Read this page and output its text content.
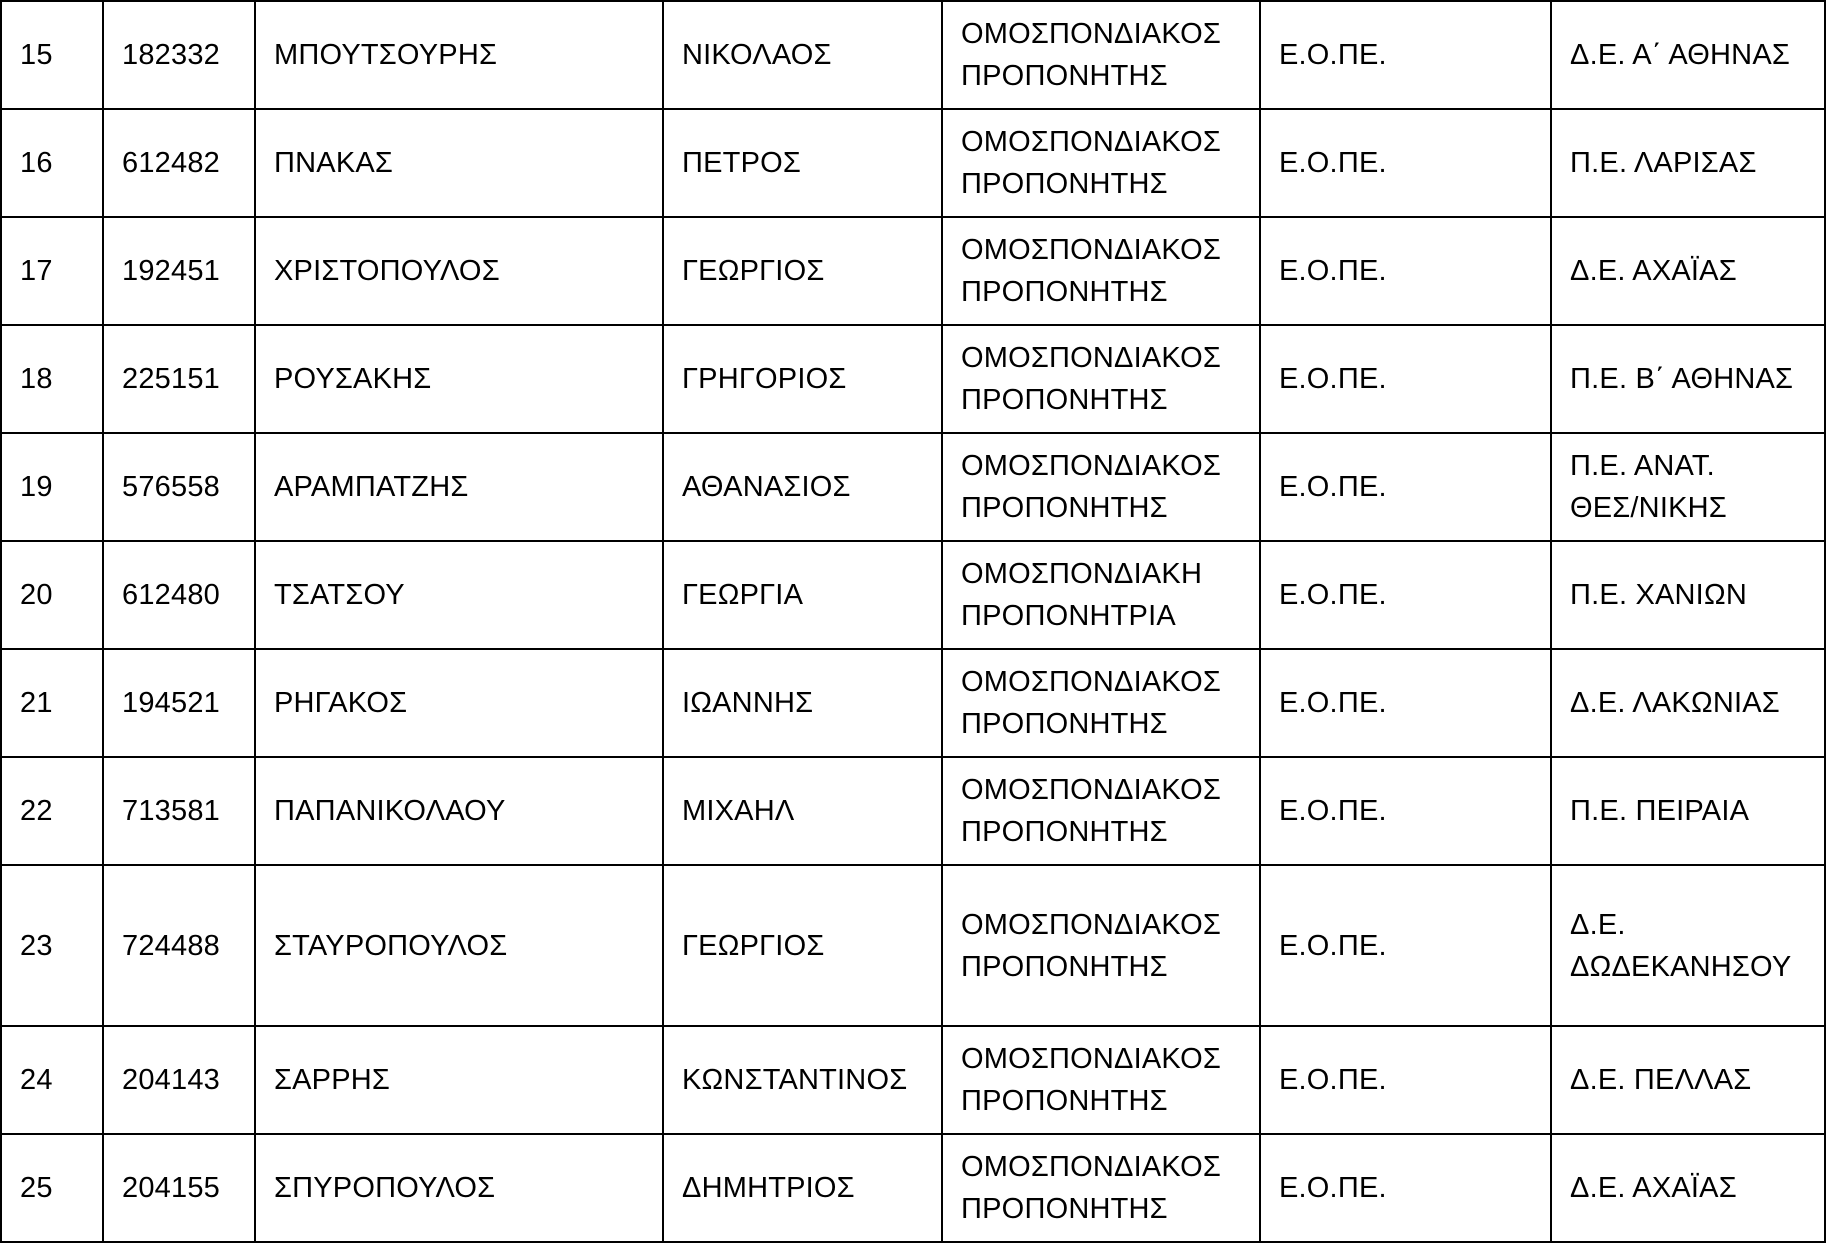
15	182332	ΜΠΟΥΤΣΟΥΡΗΣ	ΝΙΚΟΛΑΟΣ	ΟΜΟΣΠΟΝΔΙΑΚΟΣ
ΠΡΟΠΟΝΗΤΗΣ	Ε.Ο.ΠΕ.	Δ.Ε. Α΄ ΑΘΗΝΑΣ
16	612482	ΠΝΑΚΑΣ	ΠΕΤΡΟΣ	ΟΜΟΣΠΟΝΔΙΑΚΟΣ
ΠΡΟΠΟΝΗΤΗΣ	Ε.Ο.ΠΕ.	Π.Ε. ΛΑΡΙΣΑΣ
17	192451	ΧΡΙΣΤΟΠΟΥΛΟΣ	ΓΕΩΡΓΙΟΣ	ΟΜΟΣΠΟΝΔΙΑΚΟΣ
ΠΡΟΠΟΝΗΤΗΣ	Ε.Ο.ΠΕ.	Δ.Ε. ΑΧΑΪΑΣ
18	225151	ΡΟΥΣΑΚΗΣ	ΓΡΗΓΟΡΙΟΣ	ΟΜΟΣΠΟΝΔΙΑΚΟΣ
ΠΡΟΠΟΝΗΤΗΣ	Ε.Ο.ΠΕ.	Π.Ε. Β΄ ΑΘΗΝΑΣ
19	576558	ΑΡΑΜΠΑΤΖΗΣ	ΑΘΑΝΑΣΙΟΣ	ΟΜΟΣΠΟΝΔΙΑΚΟΣ
ΠΡΟΠΟΝΗΤΗΣ	Ε.Ο.ΠΕ.	Π.Ε. ΑΝΑΤ.
ΘΕΣ/ΝΙΚΗΣ
20	612480	ΤΣΑΤΣΟΥ	ΓΕΩΡΓΙΑ	ΟΜΟΣΠΟΝΔΙΑΚΗ
ΠΡΟΠΟΝΗΤΡΙΑ	Ε.Ο.ΠΕ.	Π.Ε. ΧΑΝΙΩΝ
21	194521	ΡΗΓΑΚΟΣ	ΙΩΑΝΝΗΣ	ΟΜΟΣΠΟΝΔΙΑΚΟΣ
ΠΡΟΠΟΝΗΤΗΣ	Ε.Ο.ΠΕ.	Δ.Ε. ΛΑΚΩΝΙΑΣ
22	713581	ΠΑΠΑΝΙΚΟΛΑΟΥ	ΜΙΧΑΗΛ	ΟΜΟΣΠΟΝΔΙΑΚΟΣ
ΠΡΟΠΟΝΗΤΗΣ	Ε.Ο.ΠΕ.	Π.Ε. ΠΕΙΡΑΙΑ
23	724488	ΣΤΑΥΡΟΠΟΥΛΟΣ	ΓΕΩΡΓΙΟΣ	ΟΜΟΣΠΟΝΔΙΑΚΟΣ
ΠΡΟΠΟΝΗΤΗΣ	Ε.Ο.ΠΕ.	Δ.Ε.
ΔΩΔΕΚΑΝΗΣΟΥ
24	204143	ΣΑΡΡΗΣ	ΚΩΝΣΤΑΝΤΙΝΟΣ	ΟΜΟΣΠΟΝΔΙΑΚΟΣ
ΠΡΟΠΟΝΗΤΗΣ	Ε.Ο.ΠΕ.	Δ.Ε. ΠΕΛΛΑΣ
25	204155	ΣΠΥΡΟΠΟΥΛΟΣ	ΔΗΜΗΤΡΙΟΣ	ΟΜΟΣΠΟΝΔΙΑΚΟΣ
ΠΡΟΠΟΝΗΤΗΣ	Ε.Ο.ΠΕ.	Δ.Ε. ΑΧΑΪΑΣ
